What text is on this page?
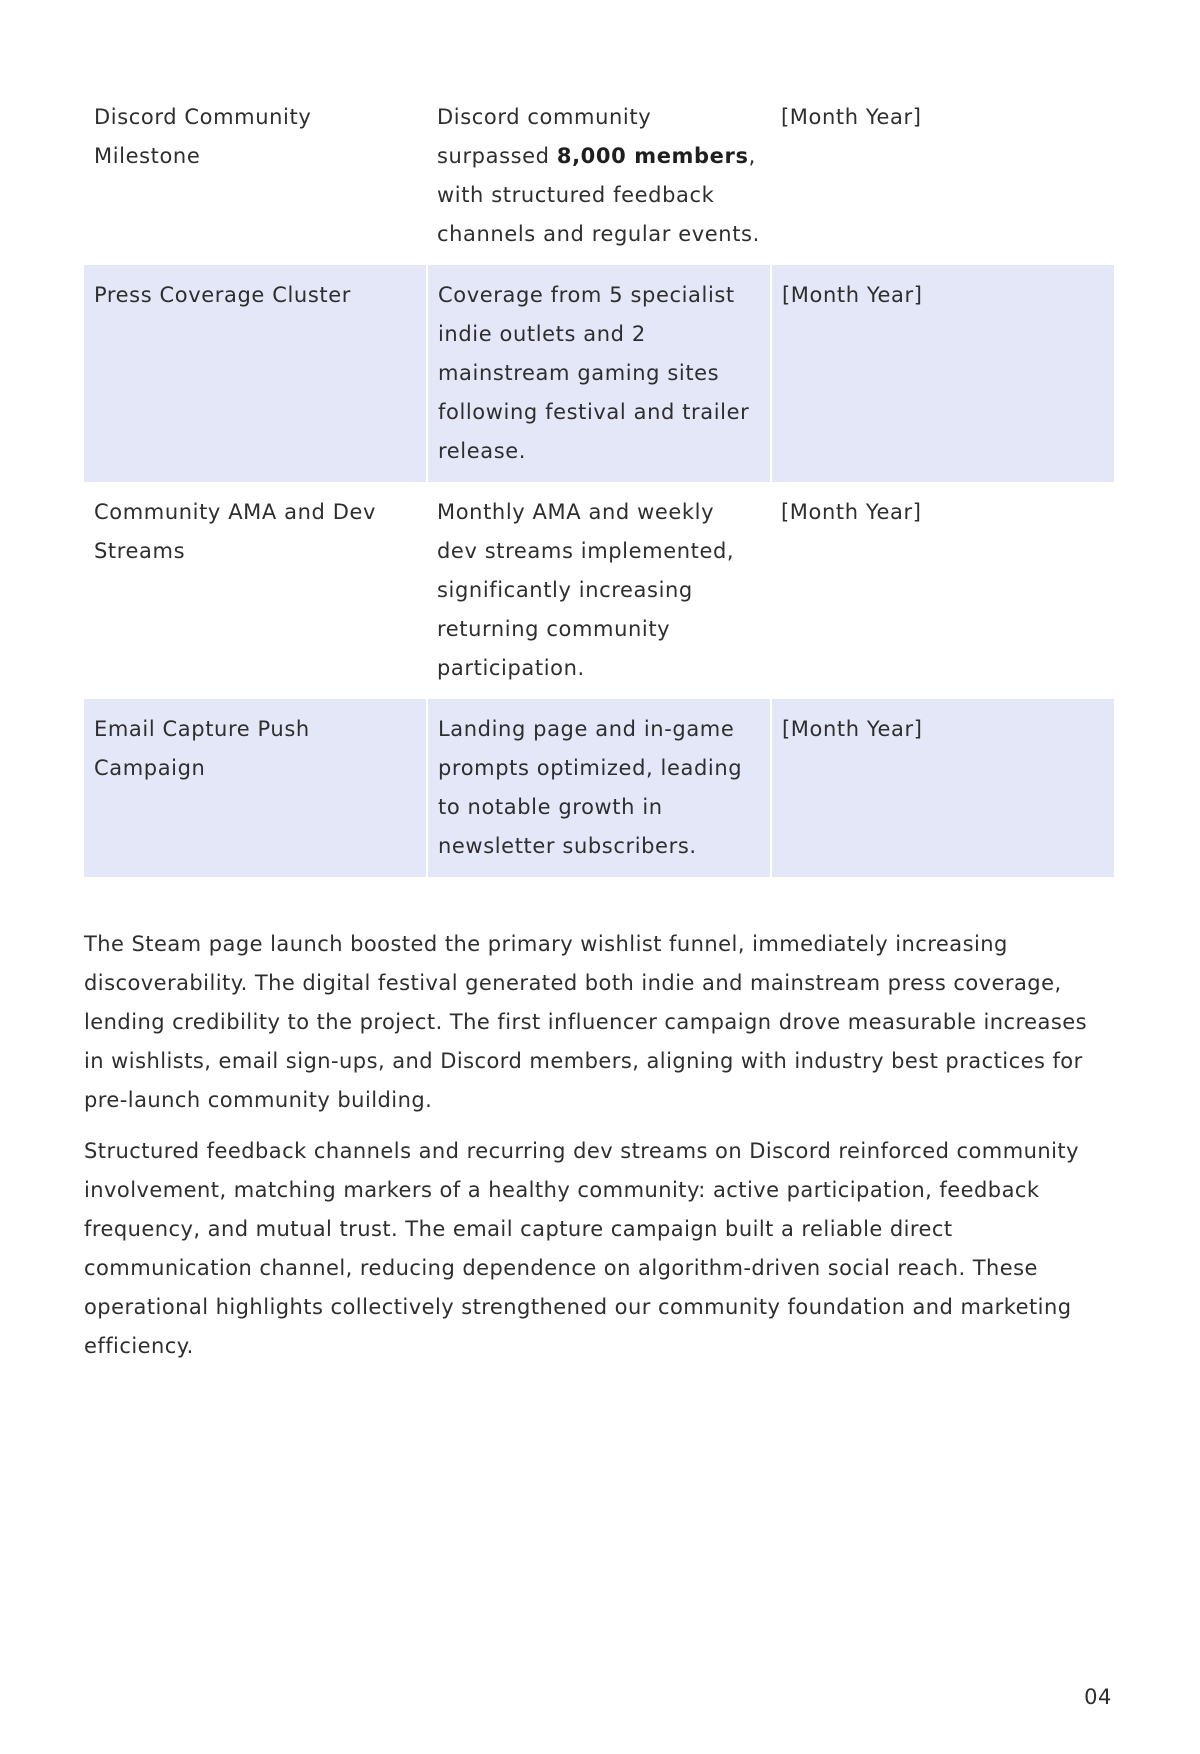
Discord Community Milestone	Discord community surpassed 8,000 members, with structured feedback channels and regular events.	[Month Year]
Press Coverage Cluster	Coverage from 5 specialist indie outlets and 2 mainstream gaming sites following festival and trailer release.	[Month Year]
Community AMA and Dev Streams	Monthly AMA and weekly dev streams implemented, significantly increasing returning community participation.	[Month Year]
Email Capture Push Campaign	Landing page and in-game prompts optimized, leading to notable growth in newsletter subscribers.	[Month Year]

The Steam page launch boosted the primary wishlist funnel, immediately increasing discoverability. The digital festival generated both indie and mainstream press coverage, lending credibility to the project. The first influencer campaign drove measurable increases in wishlists, email sign-ups, and Discord members, aligning with industry best practices for pre-launch community building.

Structured feedback channels and recurring dev streams on Discord reinforced community involvement, matching markers of a healthy community: active participation, feedback frequency, and mutual trust. The email capture campaign built a reliable direct communication channel, reducing dependence on algorithm-driven social reach. These operational highlights collectively strengthened our community foundation and marketing efficiency.

04
